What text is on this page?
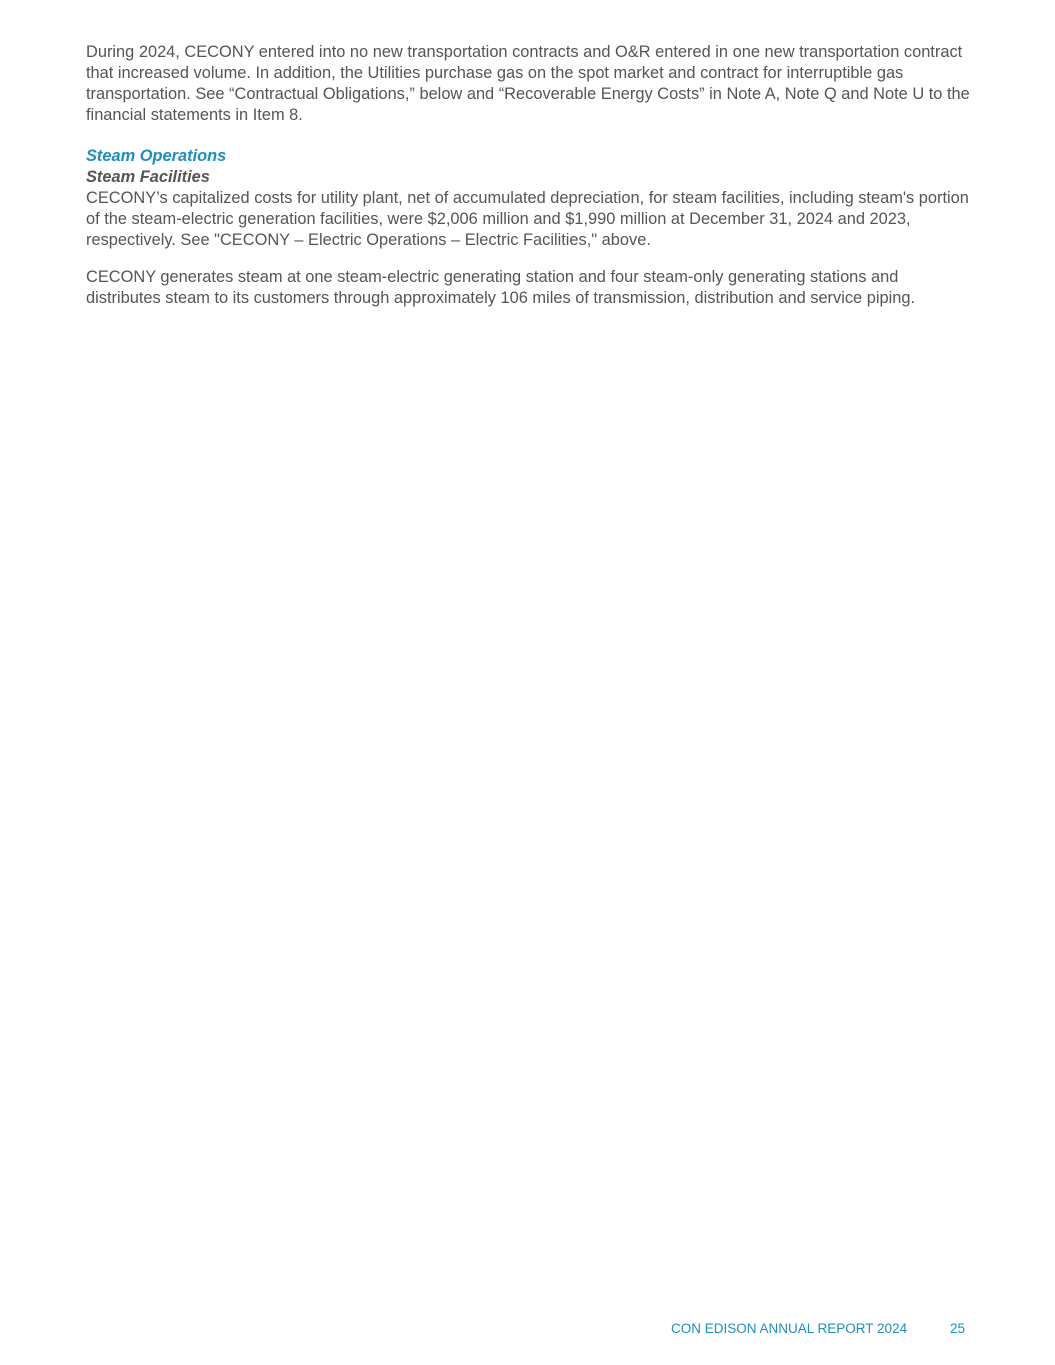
During 2024, CECONY entered into no new transportation contracts and O&R entered in one new transportation contract that increased volume. In addition, the Utilities purchase gas on the spot market and contract for interruptible gas transportation. See “Contractual Obligations,” below and “Recoverable Energy Costs” in Note A, Note Q and Note U to the financial statements in Item 8.

Steam Operations
Steam Facilities

CECONY’s capitalized costs for utility plant, net of accumulated depreciation, for steam facilities, including steam's portion of the steam-electric generation facilities, were $2,006 million and $1,990 million at December 31, 2024 and 2023, respectively. See "CECONY – Electric Operations – Electric Facilities," above.

CECONY generates steam at one steam-electric generating station and four steam-only generating stations and distributes steam to its customers through approximately 106 miles of transmission, distribution and service piping.

CON EDISON ANNUAL REPORT 2024	25
